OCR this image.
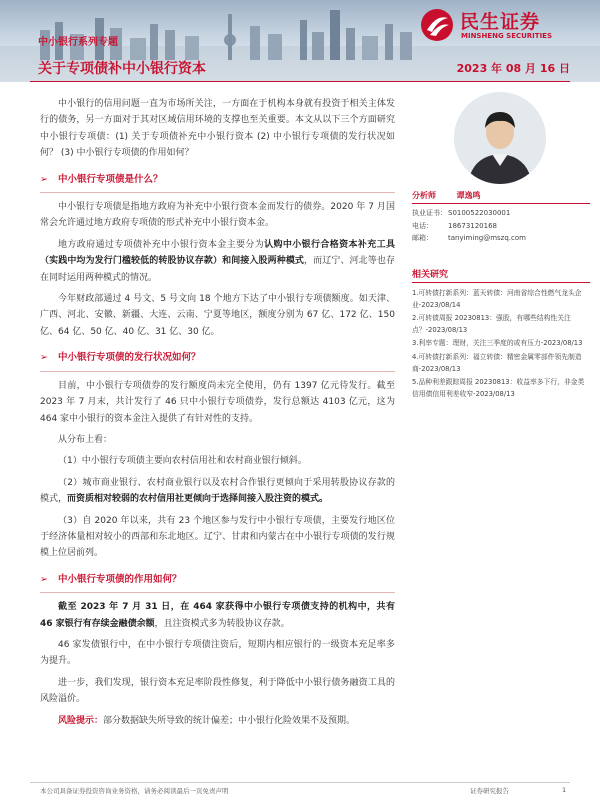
中小银行系列专题
关于专项债补中小银行资本	2023 年 08 月 16 日
民生证券
MINSHENG SECURITIES

中小银行的信用问题一直为市场所关注，一方面在于机构本身就有投资于相关主体发行的债务，另一方面对于其对区域信用环境的支撑也至关重要。本文从以下三个方面研究中小银行专项债：(1) 关于专项债补充中小银行资本 (2) 中小银行专项债的发行状况如何？ (3) 中小银行专项债的作用如何？

➢ 中小银行专项债是什么？

中小银行专项债是指地方政府为补充中小银行资本金而发行的债券。2020 年 7 月国常会允许通过地方政府专项债的形式补充中小银行资本金。

地方政府通过专项债补充中小银行资本金主要分为认购中小银行合格资本补充工具（实践中均为发行门槛较低的转股协议存款）和间接入股两种模式，而辽宁、河北等也存在同时运用两种模式的情况。

今年财政部通过 4 号文、5 号文向 18 个地方下达了中小银行专项债额度。如天津、广西、河北、安徽、新疆、大连、云南、宁夏等地区，额度分别为 67 亿、172 亿、150 亿、64 亿、50 亿、40 亿、31 亿、30 亿。

➢ 中小银行专项债的发行状况如何？

目前，中小银行专项债券的发行额度尚未完全使用，仍有 1397 亿元待发行。截至 2023 年 7 月末，共计发行了 46 只中小银行专项债券，发行总额达 4103 亿元，这为 464 家中小银行的资本金注入提供了有针对性的支持。

从分布上看：

（1）中小银行专项债主要向农村信用社和农村商业银行倾斜。

（2）城市商业银行、农村商业银行以及农村合作银行更倾向于采用转股协议存款的模式，而资质相对较弱的农村信用社更倾向于选择间接入股注资的模式。

（3）自 2020 年以来，共有 23 个地区参与发行中小银行专项债，主要发行地区位于经济体量相对较小的西部和东北地区。辽宁、甘肃和内蒙古在中小银行专项债的发行规模上位居前列。

➢ 中小银行专项债的作用如何？

截至 2023 年 7 月 31 日，在 464 家获得中小银行专项债支持的机构中，共有 46 家银行有存续金融债余额，且注资模式多为转股协议存款。

46 家发债银行中，在中小银行专项债注资后，短期内相应银行的一级资本充足率多为提升。

进一步，我们发现，银行资本充足率阶段性修复，利于降低中小银行债务融资工具的风险溢价。

风险提示：部分数据缺失所导致的统计偏差；中小银行化险效果不及预期。

分析师	谭逸鸣
执业证书：S0100522030001
电话： 18673120168
邮箱： tanyiming@mszq.com
相关研究
1.可转债打新系列：蓝天转债：河南省综合性燃气龙头企业-2023/08/14
2.可转债周报 20230813：强股，有哪些结构性关注点？-2023/08/13
3.利率专题：理财，关注三季度的或有压力-2023/08/13
4.可转债打新系列：福立转债：精密金属零部件领先制造商-2023/08/13
5.品种利差跟踪周报 20230813：收益率多下行，非金类信用债信用利差收窄-2023/08/13
本公司具备证券投资咨询业务资格，请务必阅读最后一页免责声明	证券研究报告	1
